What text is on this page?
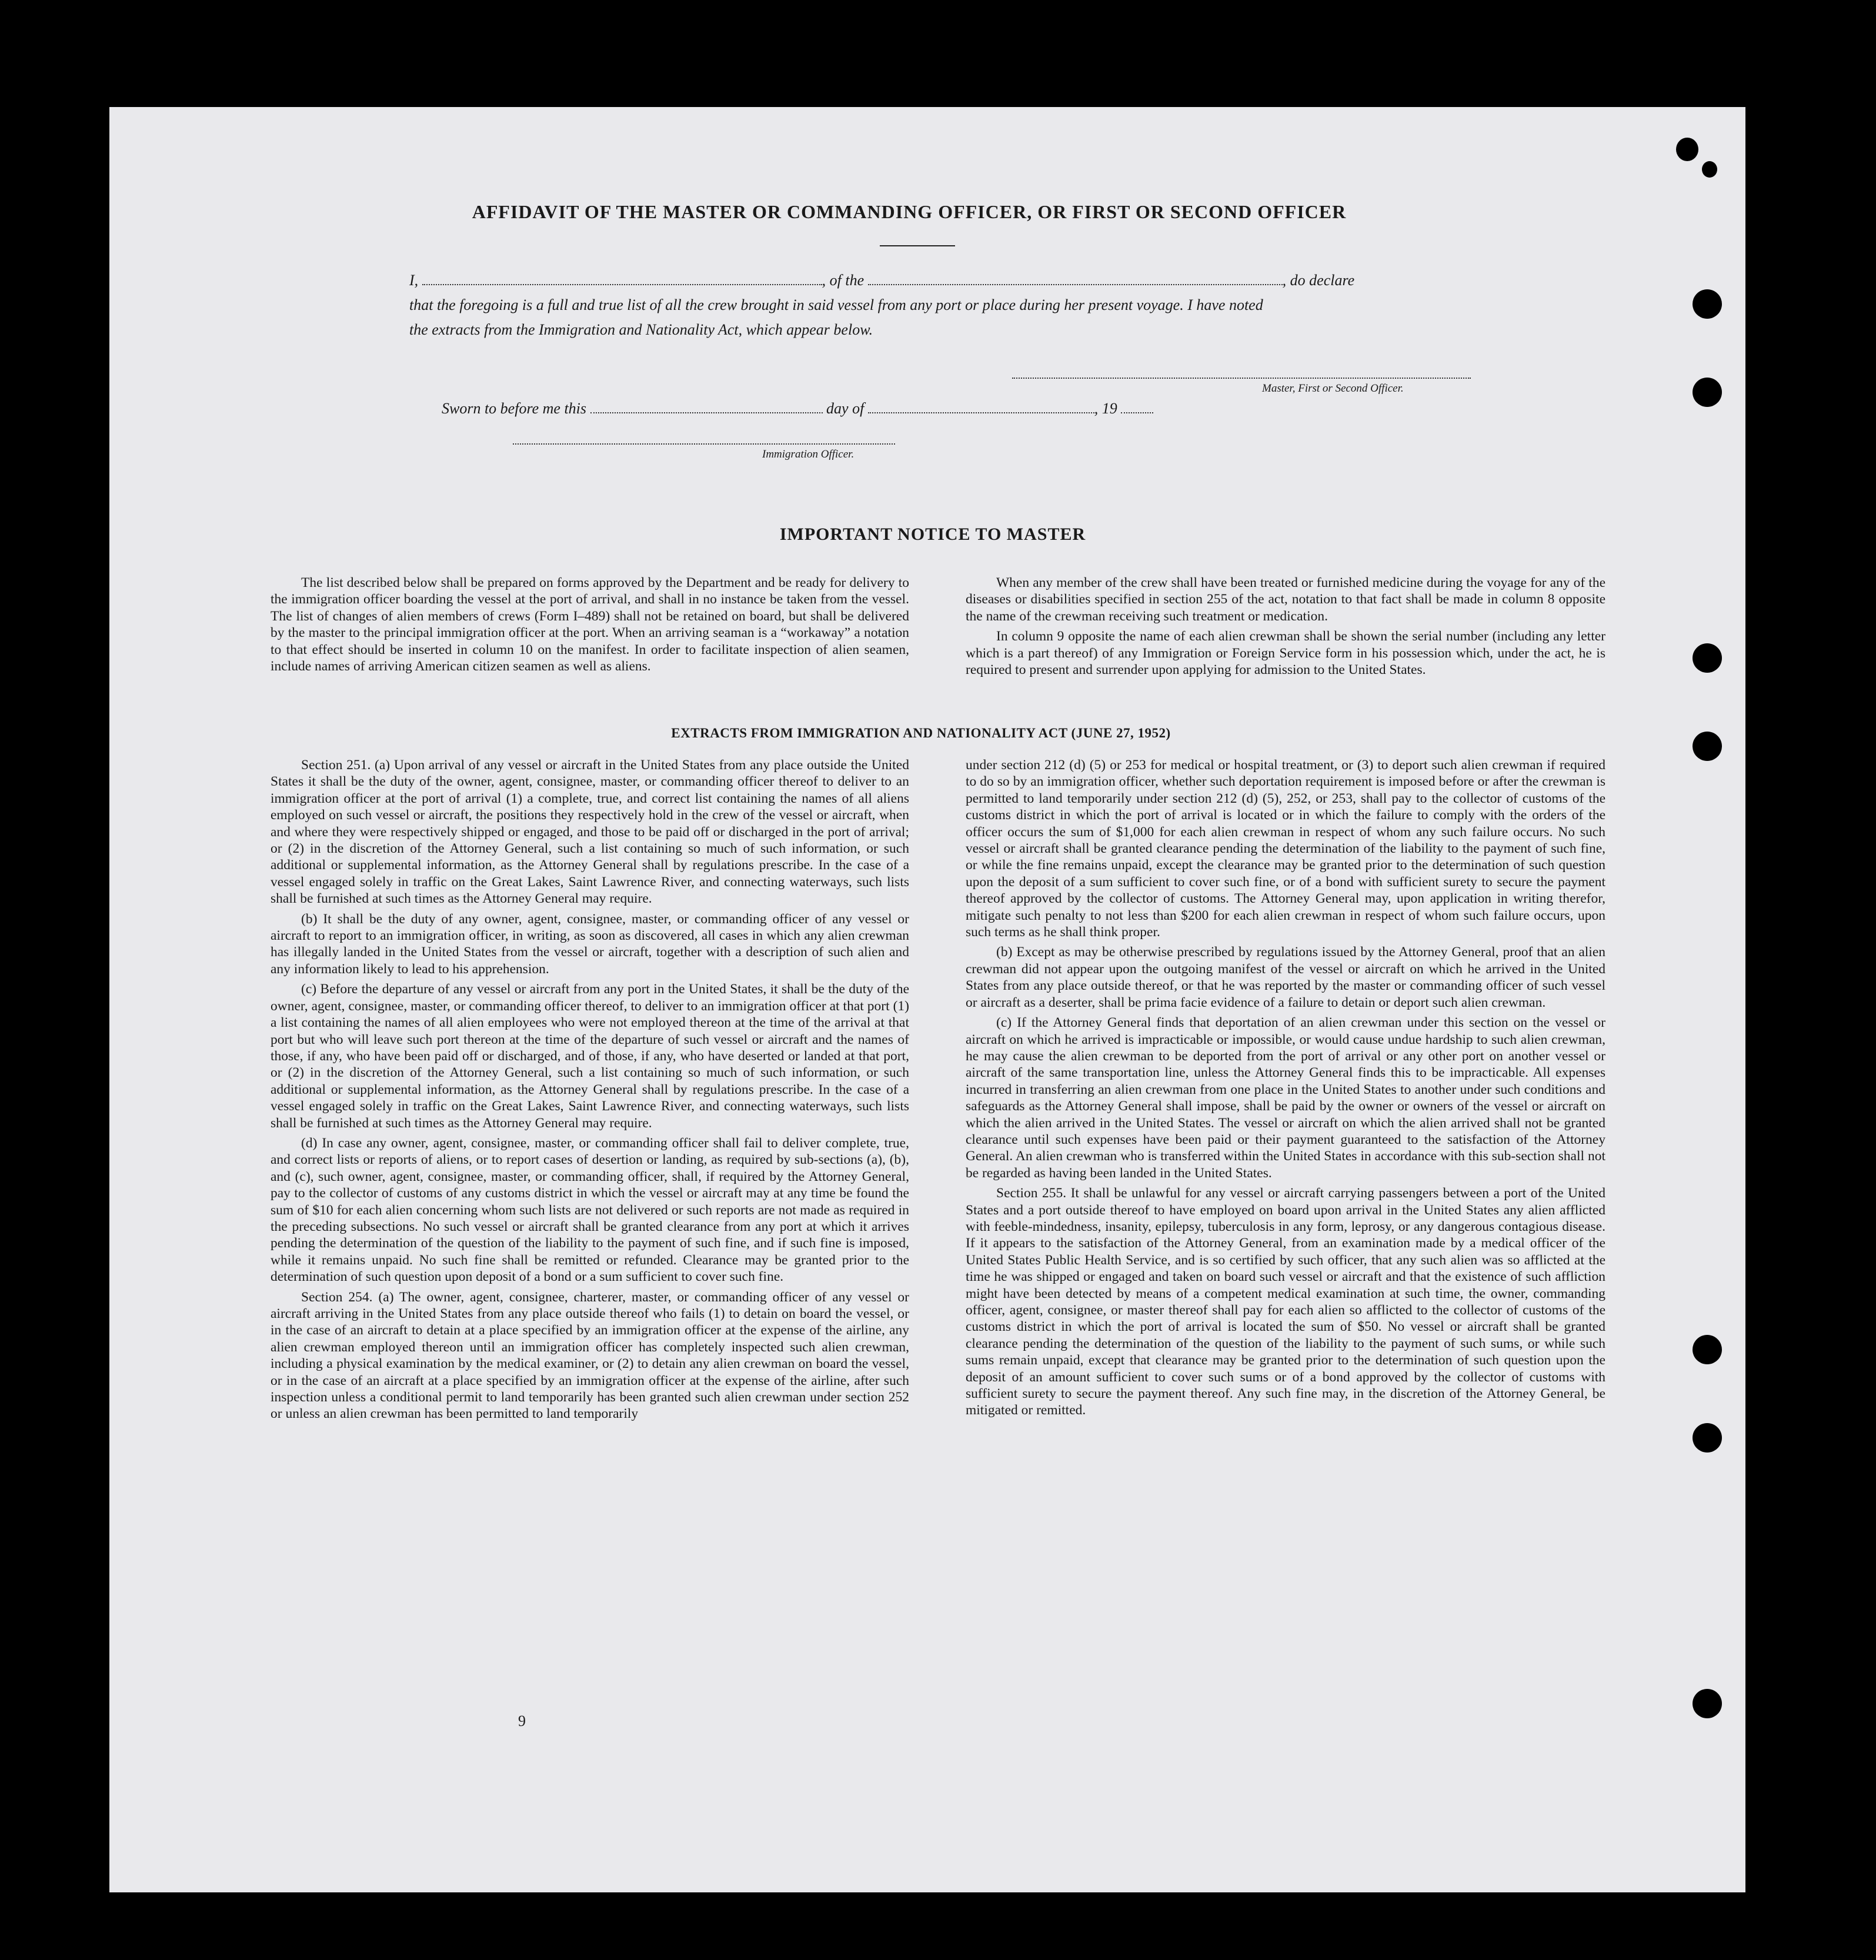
AFFIDAVIT OF THE MASTER OR COMMANDING OFFICER, OR FIRST OR SECOND OFFICER
I,	, of the	, do declare
that the foregoing is a full and true list of all the crew brought in said vessel from any port or place during her present voyage. I have noted
the extracts from the Immigration and Nationality Act, which appear below.
Master, First or Second Officer.
Sworn to before me this	day of	, 19
Immigration Officer.
IMPORTANT NOTICE TO MASTER

The list described below shall be prepared on forms approved by the Department and be ready for delivery to the immigration officer boarding the vessel at the port of arrival, and shall in no instance be taken from the vessel. The list of changes of alien members of crews (Form I–489) shall not be retained on board, but shall be delivered by the master to the principal immigration officer at the port. When an arriving seaman is a “workaway” a notation to that effect should be inserted in column 10 on the manifest. In order to facilitate inspection of alien seamen, include names of arriving American citizen seamen as well as aliens.

When any member of the crew shall have been treated or furnished medicine during the voyage for any of the diseases or disabilities specified in section 255 of the act, notation to that fact shall be made in column 8 opposite the name of the crewman receiving such treatment or medication.

In column 9 opposite the name of each alien crewman shall be shown the serial number (including any letter which is a part thereof) of any Immigration or Foreign Service form in his possession which, under the act, he is required to present and surrender upon applying for admission to the United States.

EXTRACTS FROM IMMIGRATION AND NATIONALITY ACT (JUNE 27, 1952)

Section 251. (a) Upon arrival of any vessel or aircraft in the United States from any place outside the United States it shall be the duty of the owner, agent, consignee, master, or commanding officer thereof to deliver to an immigration officer at the port of arrival (1) a complete, true, and correct list containing the names of all aliens employed on such vessel or aircraft, the positions they respectively hold in the crew of the vessel or aircraft, when and where they were respectively shipped or engaged, and those to be paid off or discharged in the port of arrival; or (2) in the discretion of the Attorney General, such a list containing so much of such information, or such additional or supplemental information, as the Attorney General shall by regulations prescribe. In the case of a vessel engaged solely in traffic on the Great Lakes, Saint Lawrence River, and connecting waterways, such lists shall be furnished at such times as the Attorney General may require.

(b) It shall be the duty of any owner, agent, consignee, master, or commanding officer of any vessel or aircraft to report to an immigration officer, in writing, as soon as discovered, all cases in which any alien crewman has illegally landed in the United States from the vessel or aircraft, together with a description of such alien and any information likely to lead to his apprehension.

(c) Before the departure of any vessel or aircraft from any port in the United States, it shall be the duty of the owner, agent, consignee, master, or commanding officer thereof, to deliver to an immigration officer at that port (1) a list containing the names of all alien employees who were not employed thereon at the time of the arrival at that port but who will leave such port thereon at the time of the departure of such vessel or aircraft and the names of those, if any, who have been paid off or discharged, and of those, if any, who have deserted or landed at that port, or (2) in the discretion of the Attorney General, such a list containing so much of such information, or such additional or supplemental information, as the Attorney General shall by regulations prescribe. In the case of a vessel engaged solely in traffic on the Great Lakes, Saint Lawrence River, and connecting waterways, such lists shall be furnished at such times as the Attorney General may require.

(d) In case any owner, agent, consignee, master, or commanding officer shall fail to deliver complete, true, and correct lists or reports of aliens, or to report cases of desertion or landing, as required by sub-sections (a), (b), and (c), such owner, agent, consignee, master, or commanding officer, shall, if required by the Attorney General, pay to the collector of customs of any customs district in which the vessel or aircraft may at any time be found the sum of $10 for each alien concerning whom such lists are not delivered or such reports are not made as required in the preceding subsections. No such vessel or aircraft shall be granted clearance from any port at which it arrives pending the determination of the question of the liability to the payment of such fine, and if such fine is imposed, while it remains unpaid. No such fine shall be remitted or refunded. Clearance may be granted prior to the determination of such question upon deposit of a bond or a sum sufficient to cover such fine.

Section 254. (a) The owner, agent, consignee, charterer, master, or commanding officer of any vessel or aircraft arriving in the United States from any place outside thereof who fails (1) to detain on board the vessel, or in the case of an aircraft to detain at a place specified by an immigration officer at the expense of the airline, any alien crewman employed thereon until an immigration officer has completely inspected such alien crewman, including a physical examination by the medical examiner, or (2) to detain any alien crewman on board the vessel, or in the case of an aircraft at a place specified by an immigration officer at the expense of the airline, after such inspection unless a conditional permit to land temporarily has been granted such alien crewman under section 252 or unless an alien crewman has been permitted to land temporarily

under section 212 (d) (5) or 253 for medical or hospital treatment, or (3) to deport such alien crewman if required to do so by an immigration officer, whether such deportation requirement is imposed before or after the crewman is permitted to land temporarily under section 212 (d) (5), 252, or 253, shall pay to the collector of customs of the customs district in which the port of arrival is located or in which the failure to comply with the orders of the officer occurs the sum of $1,000 for each alien crewman in respect of whom any such failure occurs. No such vessel or aircraft shall be granted clearance pending the determination of the liability to the payment of such fine, or while the fine remains unpaid, except the clearance may be granted prior to the determination of such question upon the deposit of a sum sufficient to cover such fine, or of a bond with sufficient surety to secure the payment thereof approved by the collector of customs. The Attorney General may, upon application in writing therefor, mitigate such penalty to not less than $200 for each alien crewman in respect of whom such failure occurs, upon such terms as he shall think proper.

(b) Except as may be otherwise prescribed by regulations issued by the Attorney General, proof that an alien crewman did not appear upon the outgoing manifest of the vessel or aircraft on which he arrived in the United States from any place outside thereof, or that he was reported by the master or commanding officer of such vessel or aircraft as a deserter, shall be prima facie evidence of a failure to detain or deport such alien crewman.

(c) If the Attorney General finds that deportation of an alien crewman under this section on the vessel or aircraft on which he arrived is impracticable or impossible, or would cause undue hardship to such alien crewman, he may cause the alien crewman to be deported from the port of arrival or any other port on another vessel or aircraft of the same transportation line, unless the Attorney General finds this to be impracticable. All expenses incurred in transferring an alien crewman from one place in the United States to another under such conditions and safeguards as the Attorney General shall impose, shall be paid by the owner or owners of the vessel or aircraft on which the alien arrived in the United States. The vessel or aircraft on which the alien arrived shall not be granted clearance until such expenses have been paid or their payment guaranteed to the satisfaction of the Attorney General. An alien crewman who is transferred within the United States in accordance with this sub-section shall not be regarded as having been landed in the United States.

Section 255. It shall be unlawful for any vessel or aircraft carrying passengers between a port of the United States and a port outside thereof to have employed on board upon arrival in the United States any alien afflicted with feeble-mindedness, insanity, epilepsy, tuberculosis in any form, leprosy, or any dangerous contagious disease. If it appears to the satisfaction of the Attorney General, from an examination made by a medical officer of the United States Public Health Service, and is so certified by such officer, that any such alien was so afflicted at the time he was shipped or engaged and taken on board such vessel or aircraft and that the existence of such affliction might have been detected by means of a competent medical examination at such time, the owner, commanding officer, agent, consignee, or master thereof shall pay for each alien so afflicted to the collector of customs of the customs district in which the port of arrival is located the sum of $50. No vessel or aircraft shall be granted clearance pending the determination of the question of the liability to the payment of such sums, or while such sums remain unpaid, except that clearance may be granted prior to the determination of such question upon the deposit of an amount sufficient to cover such sums or of a bond approved by the collector of customs with sufficient surety to secure the payment thereof. Any such fine may, in the discretion of the Attorney General, be mitigated or remitted.

9
